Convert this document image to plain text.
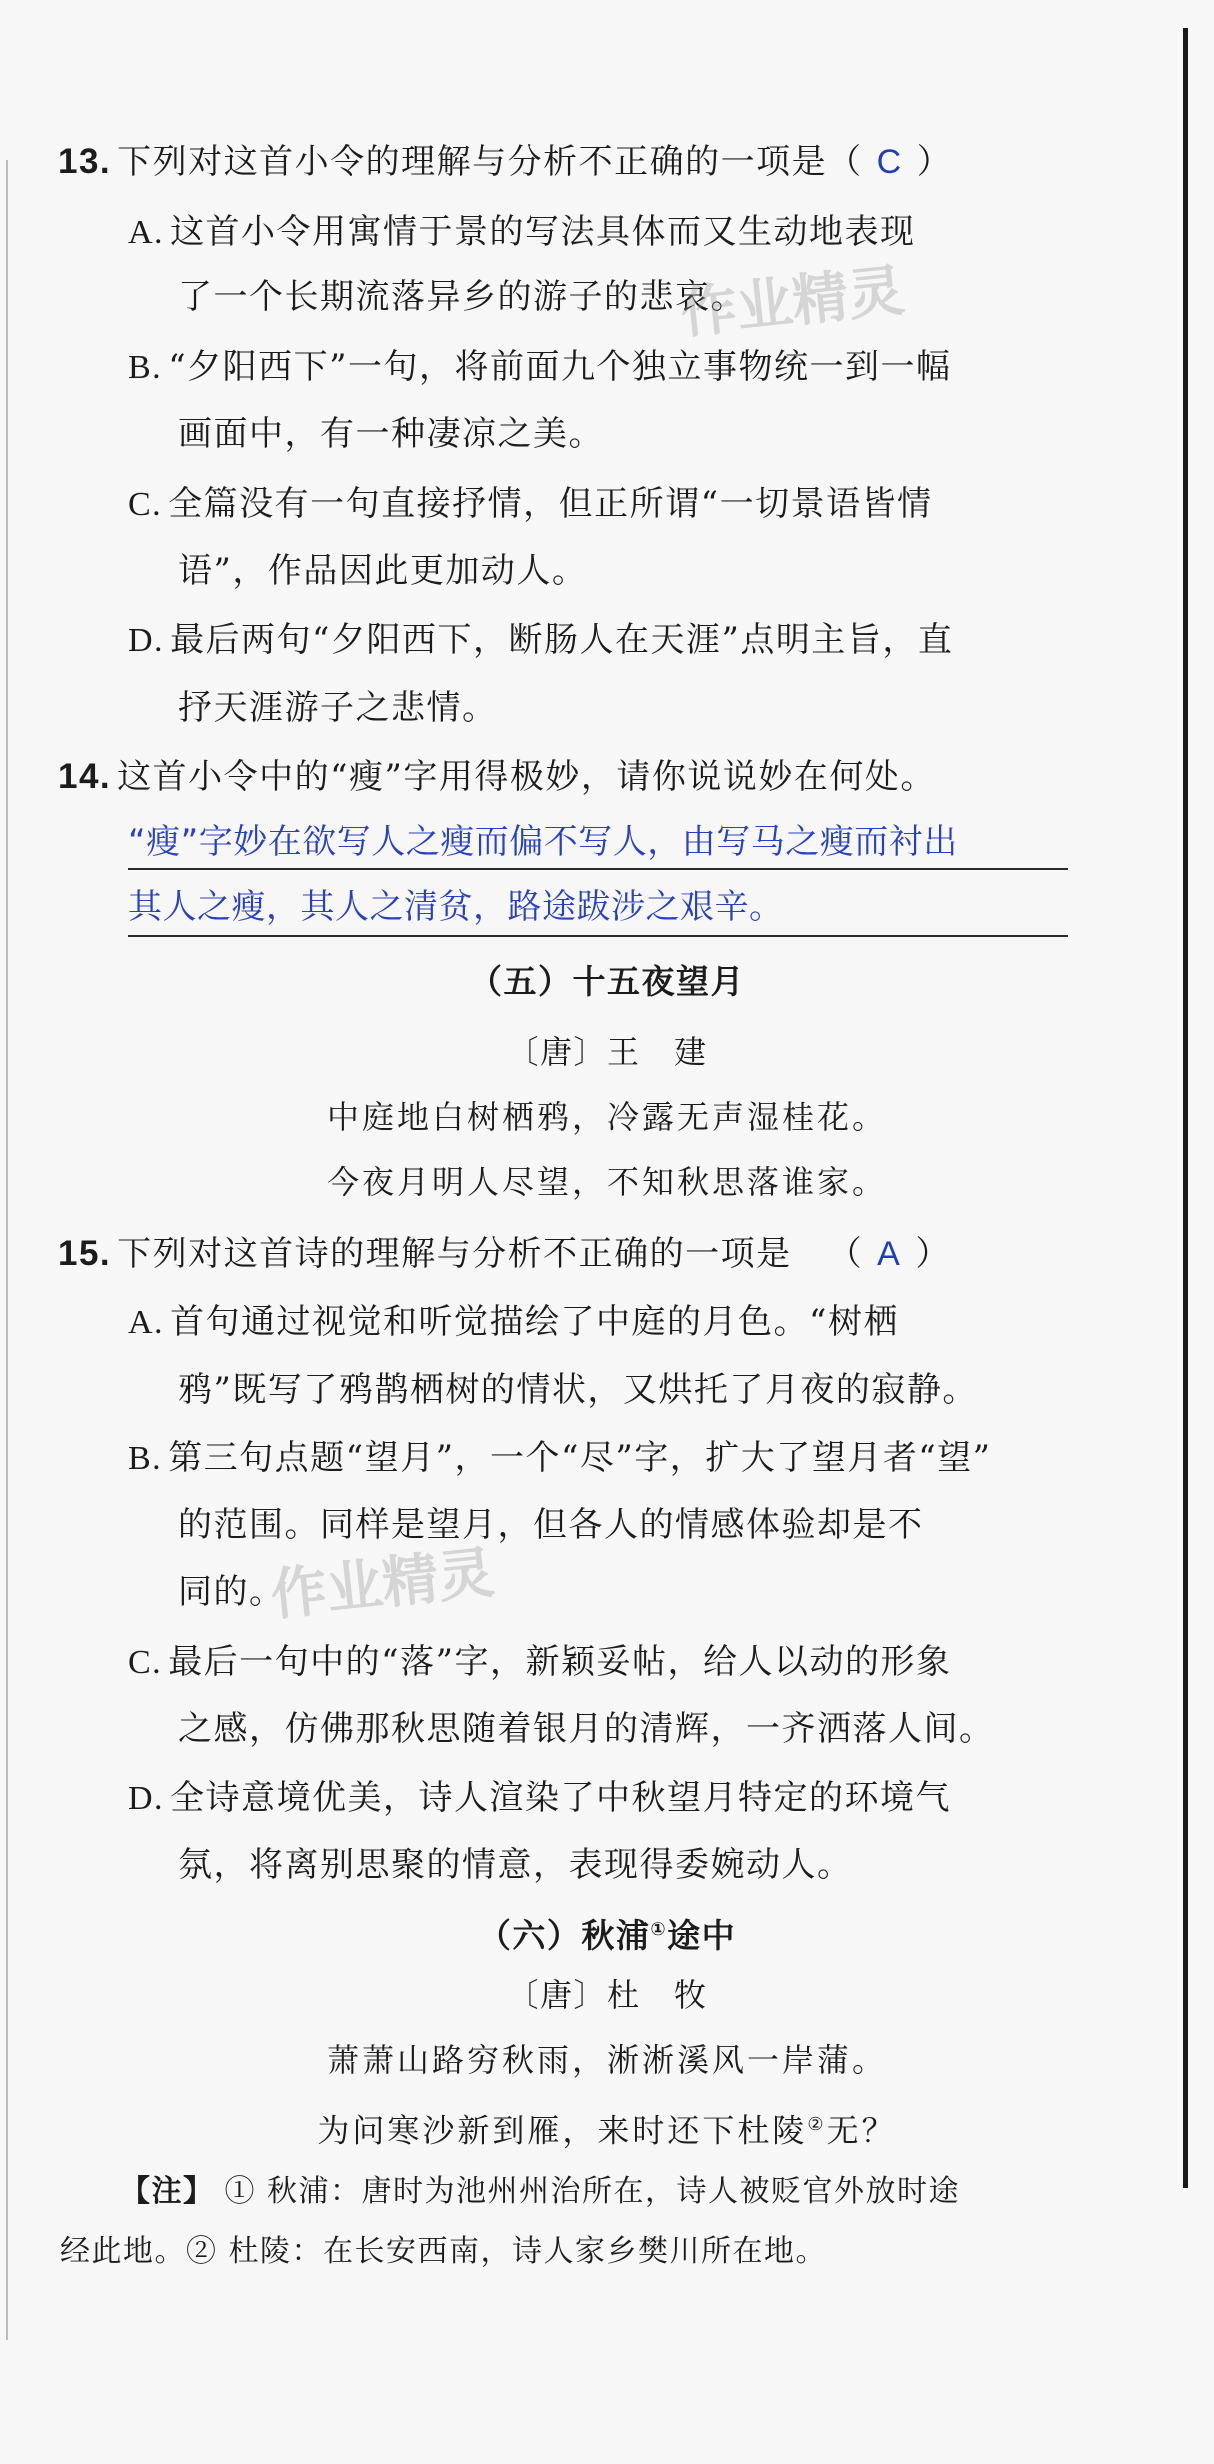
13. 下列对这首小令的理解与分析不正确的一项是（ C ）
A. 这首小令用寓情于景的写法具体而又生动地表现
了一个长期流落异乡的游子的悲哀。
B. “夕阳西下”一句，将前面九个独立事物统一到一幅
画面中，有一种凄凉之美。
C. 全篇没有一句直接抒情，但正所谓“一切景语皆情
语”，作品因此更加动人。
D. 最后两句“夕阳西下，断肠人在天涯”点明主旨，直
抒天涯游子之悲情。
14. 这首小令中的“瘦”字用得极妙，请你说说妙在何处。
“瘦”字妙在欲写人之瘦而偏不写人，由写马之瘦而衬出
其人之瘦，其人之清贫，路途跋涉之艰辛。
（五）十五夜望月
〔唐〕王　建
中庭地白树栖鸦，冷露无声湿桂花。
今夜月明人尽望，不知秋思落谁家。
15. 下列对这首诗的理解与分析不正确的一项是 （ A ）
A. 首句通过视觉和听觉描绘了中庭的月色。“树栖
鸦”既写了鸦鹊栖树的情状，又烘托了月夜的寂静。
B. 第三句点题“望月”，一个“尽”字，扩大了望月者“望”
的范围。同样是望月，但各人的情感体验却是不
同的。
C. 最后一句中的“落”字，新颖妥帖，给人以动的形象
之感，仿佛那秋思随着银月的清辉，一齐洒落人间。
D. 全诗意境优美，诗人渲染了中秋望月特定的环境气
氛，将离别思聚的情意，表现得委婉动人。
（六）秋浦①途中
〔唐〕杜　牧
萧萧山路穷秋雨，淅淅溪风一岸蒲。
为问寒沙新到雁，来时还下杜陵②无？
【注】 ① 秋浦：唐时为池州州治所在，诗人被贬官外放时途
经此地。② 杜陵：在长安西南，诗人家乡樊川所在地。
作业精灵
作业精灵
